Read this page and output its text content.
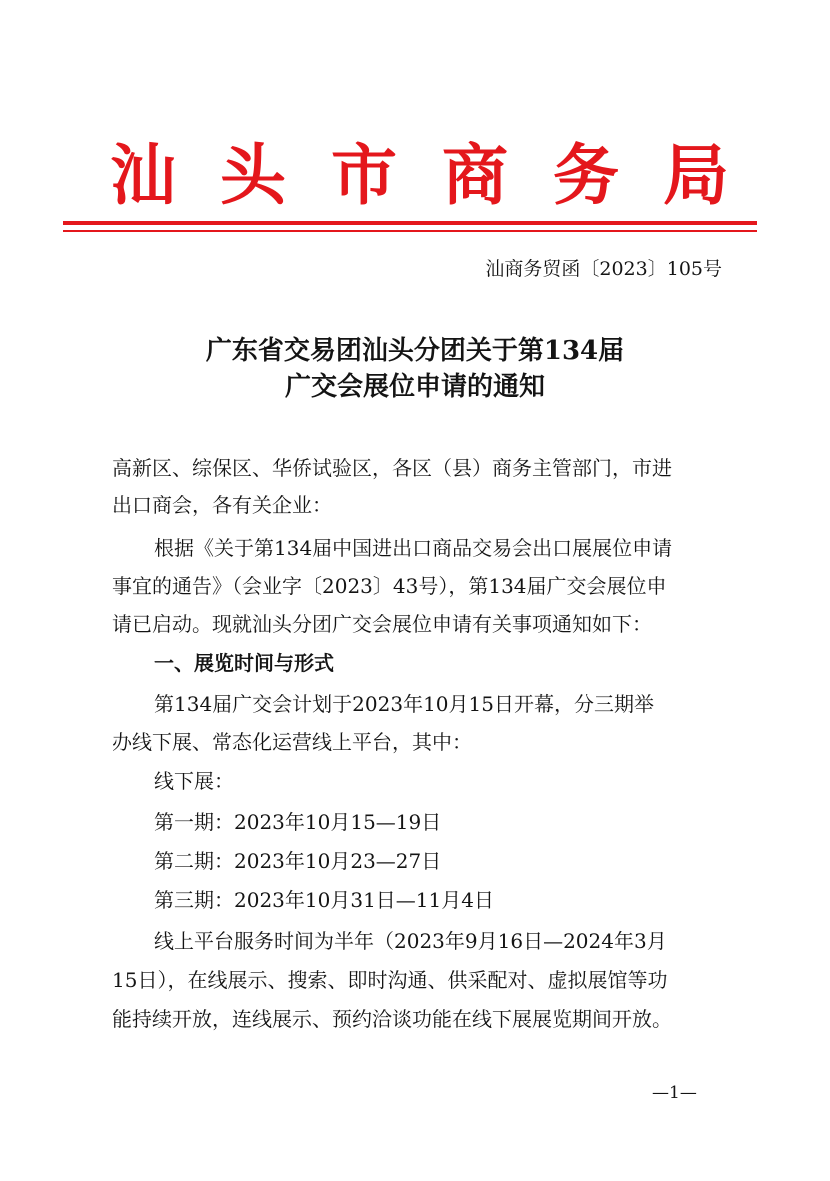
汕 头 市 商 务 局
汕商务贸函〔2023〕105号
广东省交易团汕头分团关于第134届
广交会展位申请的通知
高新区、综保区、华侨试验区，各区（县）商务主管部门，市进
出口商会，各有关企业：
根据《关于第134届中国进出口商品交易会出口展展位申请
事宜的通告》（会业字〔2023〕43号），第134届广交会展位申
请已启动。现就汕头分团广交会展位申请有关事项通知如下：
一、展览时间与形式
第134届广交会计划于2023年10月15日开幕，分三期举
办线下展、常态化运营线上平台，其中：
线下展：
第一期：2023年10月15—19日
第二期：2023年10月23—27日
第三期：2023年10月31日—11月4日
线上平台服务时间为半年（2023年9月16日—2024年3月
15日），在线展示、搜索、即时沟通、供采配对、虚拟展馆等功
能持续开放，连线展示、预约洽谈功能在线下展展览期间开放。
—1—
